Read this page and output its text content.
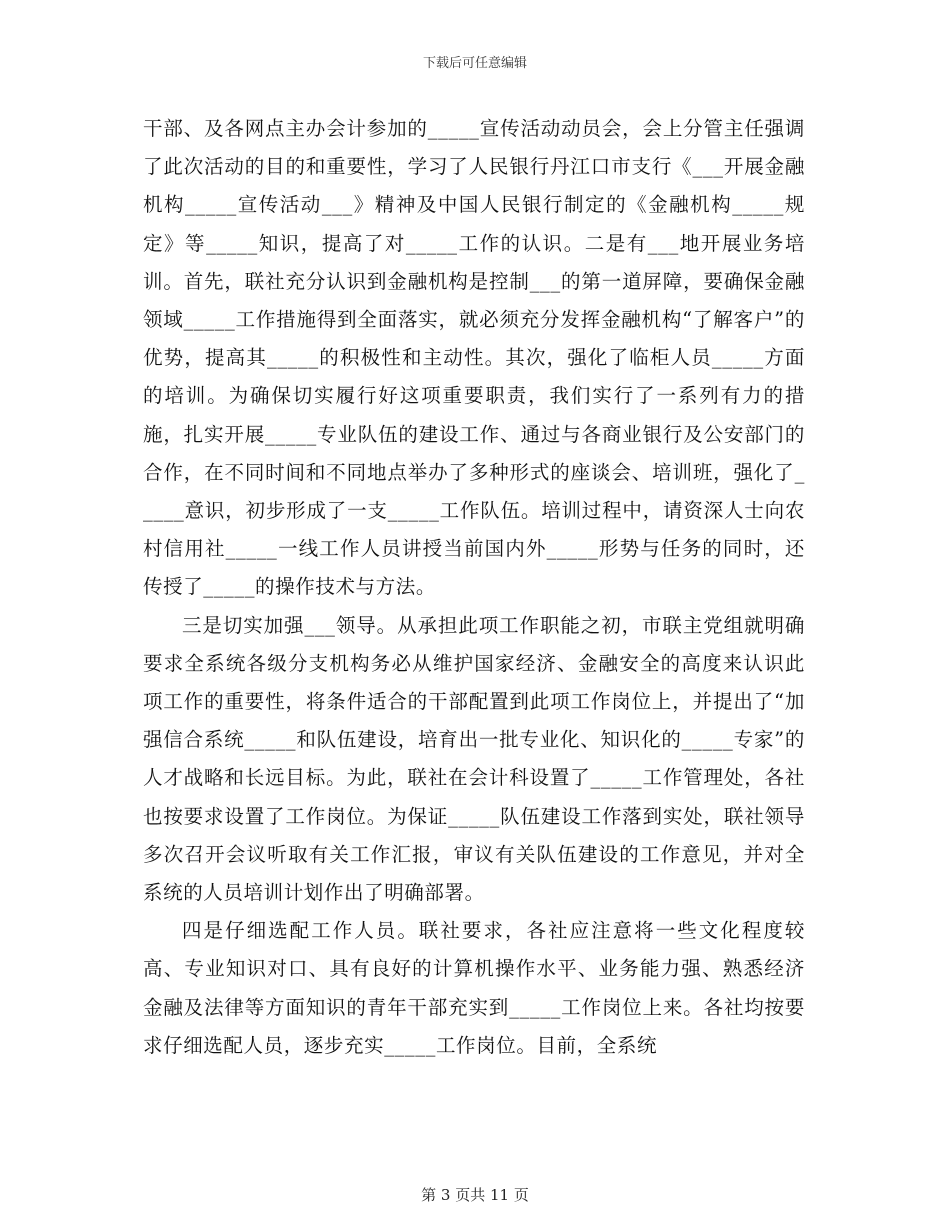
下载后可任意编辑

干部、及各网点主办会计参加的_____宣传活动动员会，会上分管主任强调了此次活动的目的和重要性，学习了人民银行丹江口市支行《___开展金融机构_____宣传活动___》精神及中国人民银行制定的《金融机构_____规定》等_____知识，提高了对_____工作的认识。二是有___地开展业务培训。首先，联社充分认识到金融机构是控制___的第一道屏障，要确保金融领域_____工作措施得到全面落实，就必须充分发挥金融机构“了解客户”的优势，提高其_____的积极性和主动性。其次，强化了临柜人员_____方面的培训。为确保切实履行好这项重要职责，我们实行了一系列有力的措施，扎实开展_____专业队伍的建设工作、通过与各商业银行及公安部门的合作，在不同时间和不同地点举办了多种形式的座谈会、培训班，强化了_____意识，初步形成了一支_____工作队伍。培训过程中，请资深人士向农村信用社_____一线工作人员讲授当前国内外_____形势与任务的同时，还传授了_____的操作技术与方法。

三是切实加强___领导。从承担此项工作职能之初，市联主党组就明确要求全系统各级分支机构务必从维护国家经济、金融安全的高度来认识此项工作的重要性，将条件适合的干部配置到此项工作岗位上，并提出了“加强信合系统_____和队伍建设，培育出一批专业化、知识化的_____专家”的人才战略和长远目标。为此，联社在会计科设置了_____工作管理处，各社也按要求设置了工作岗位。为保证_____队伍建设工作落到实处，联社领导多次召开会议听取有关工作汇报，审议有关队伍建设的工作意见，并对全系统的人员培训计划作出了明确部署。

四是仔细选配工作人员。联社要求，各社应注意将一些文化程度较高、专业知识对口、具有良好的计算机操作水平、业务能力强、熟悉经济金融及法律等方面知识的青年干部充实到_____工作岗位上来。各社均按要求仔细选配人员，逐步充实_____工作岗位。目前，全系统

第 3 页共 11 页
